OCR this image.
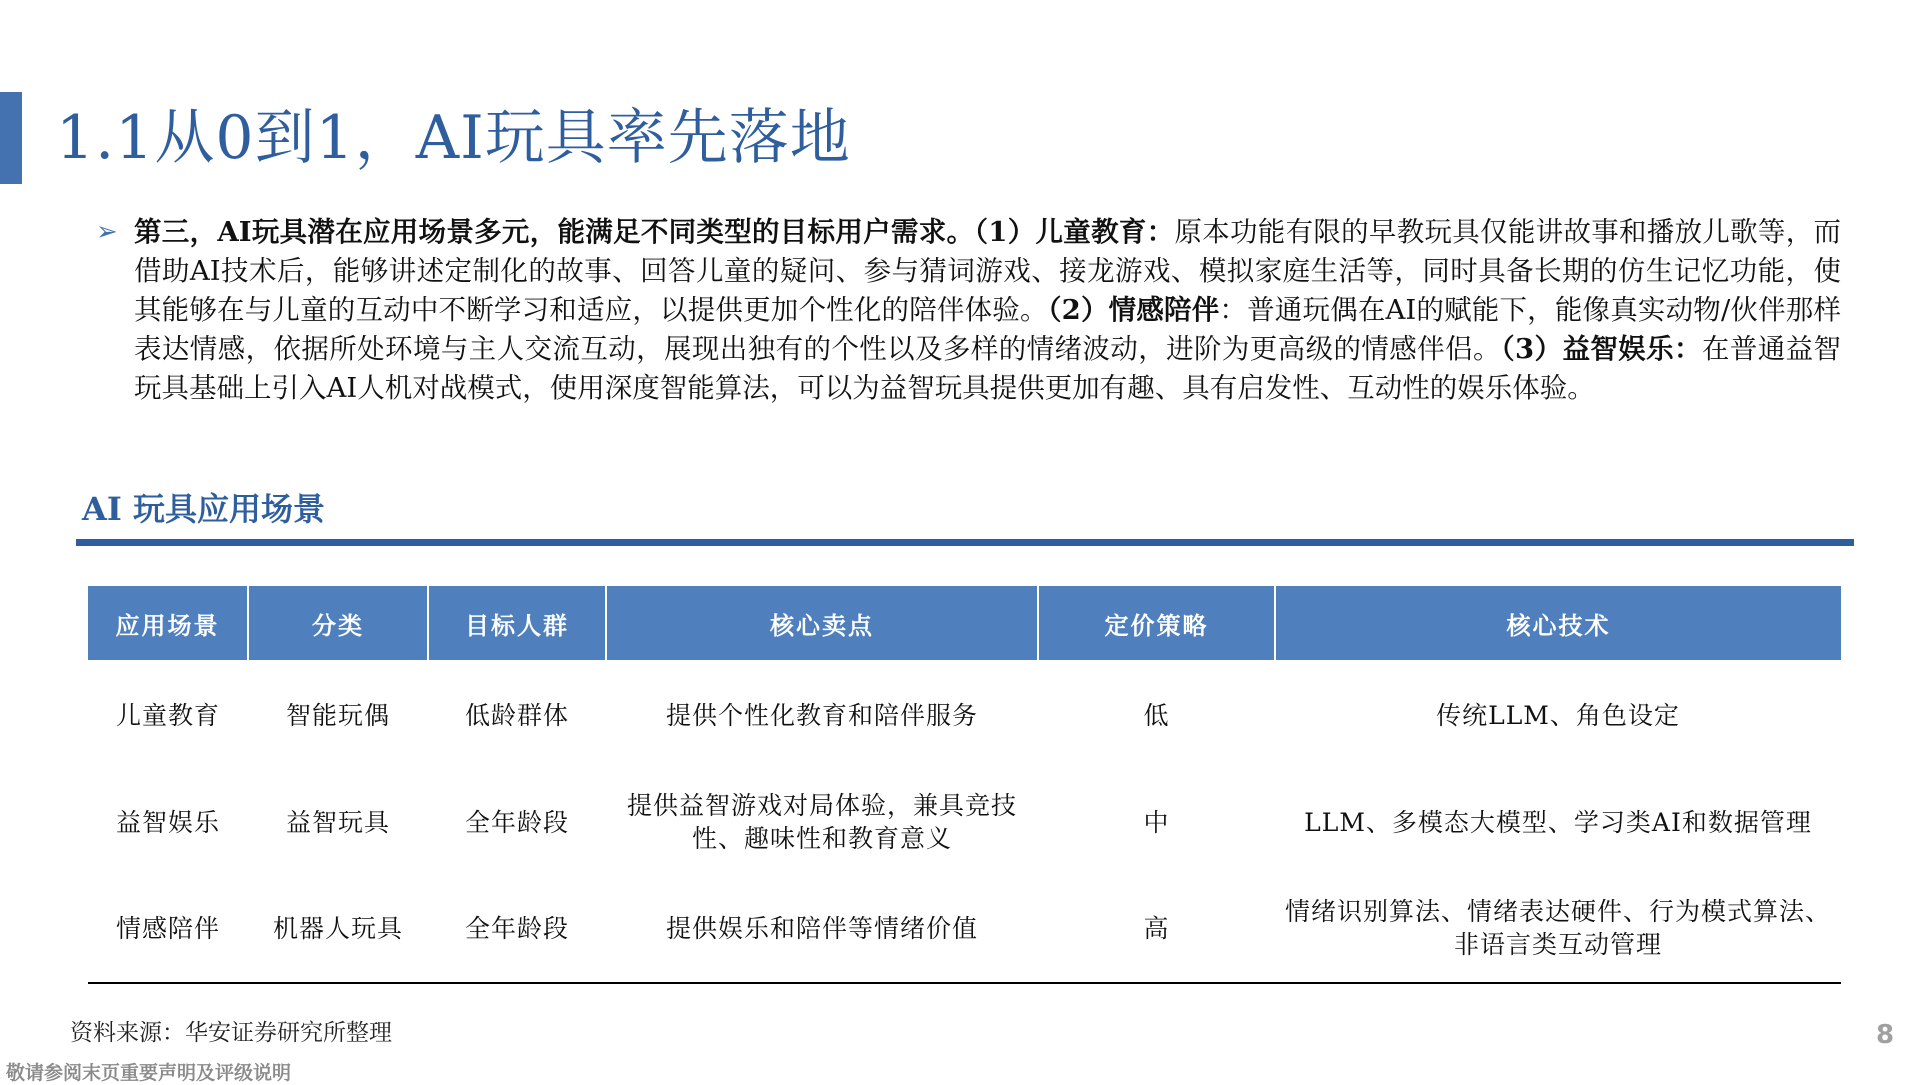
1.1从0到1，AI玩具率先落地
➢ 第三，AI玩具潜在应用场景多元，能满足不同类型的目标用户需求。（1）儿童教育：原本功能有限的早教玩具仅能讲故事和播放儿歌等，而借助AI技术后，能够讲述定制化的故事、回答儿童的疑问、参与猜词游戏、接龙游戏、模拟家庭生活等，同时具备长期的仿生记忆功能，使其能够在与儿童的互动中不断学习和适应，以提供更加个性化的陪伴体验。（2）情感陪伴：普通玩偶在AI的赋能下，能像真实动物/伙伴那样表达情感，依据所处环境与主人交流互动，展现出独有的个性以及多样的情绪波动，进阶为更高级的情感伴侣。（3）益智娱乐：在普通益智玩具基础上引入AI人机对战模式，使用深度智能算法，可以为益智玩具提供更加有趣、具有启发性、互动性的娱乐体验。
AI 玩具应用场景
应用场景	分类	目标人群	核心卖点	定价策略	核心技术
儿童教育	智能玩偶	低龄群体	提供个性化教育和陪伴服务	低	传统LLM、角色设定
益智娱乐	益智玩具	全年龄段	提供益智游戏对局体验，兼具竞技性、趣味性和教育意义	中	LLM、多模态大模型、学习类AI和数据管理
情感陪伴	机器人玩具	全年龄段	提供娱乐和陪伴等情绪价值	高	情绪识别算法、情绪表达硬件、行为模式算法、非语言类互动管理
资料来源：华安证券研究所整理	8
敬请参阅末页重要声明及评级说明
